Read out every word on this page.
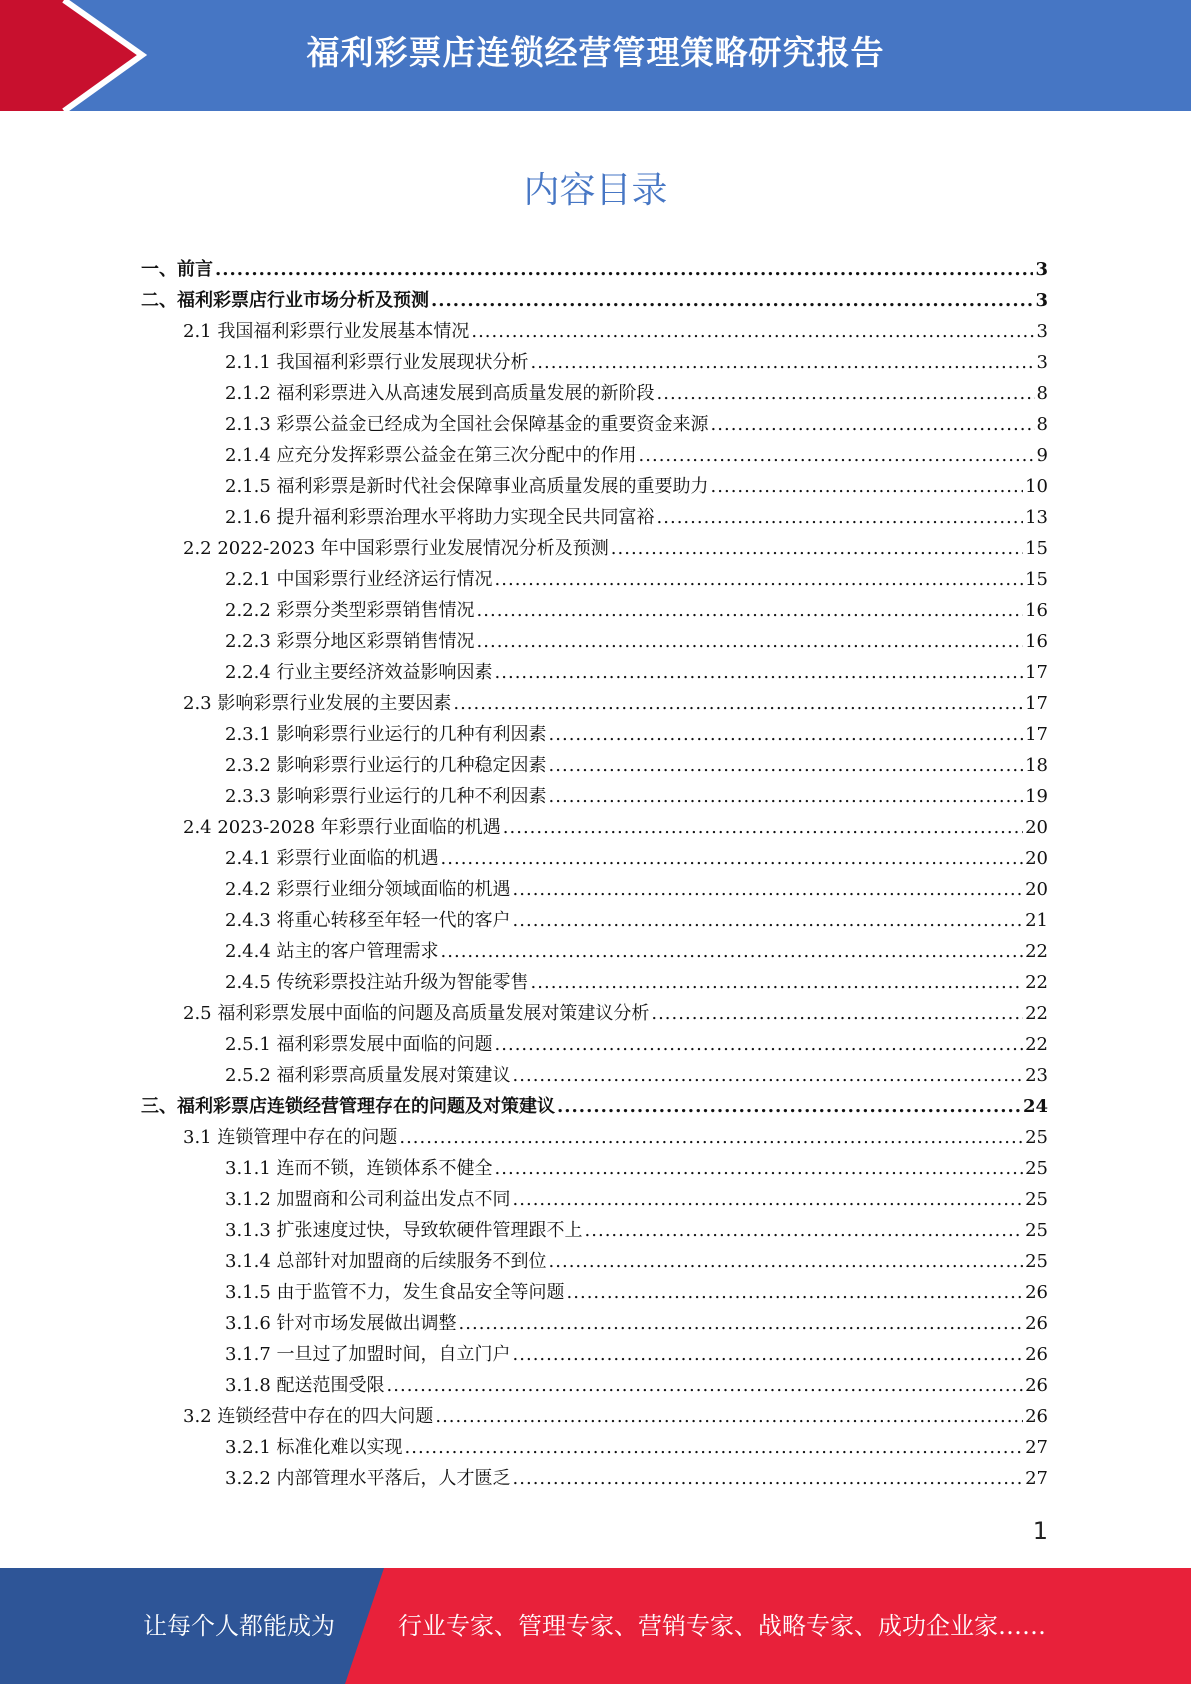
福利彩票店连锁经营管理策略研究报告
内容目录
一、前言 .....	3
二、福利彩票店行业市场分析及预测 .....	3
2.1 我国福利彩票行业发展基本情况 .....	3
2.1.1 我国福利彩票行业发展现状分析 .....	3
2.1.2 福利彩票进入从高速发展到高质量发展的新阶段 .....	8
2.1.3 彩票公益金已经成为全国社会保障基金的重要资金来源 .....	8
2.1.4 应充分发挥彩票公益金在第三次分配中的作用 .....	9
2.1.5 福利彩票是新时代社会保障事业高质量发展的重要助力 .....	10
2.1.6 提升福利彩票治理水平将助力实现全民共同富裕 .....	13
2.2 2022-2023 年中国彩票行业发展情况分析及预测 .....	15
2.2.1 中国彩票行业经济运行情况 .....	15
2.2.2 彩票分类型彩票销售情况 .....	16
2.2.3 彩票分地区彩票销售情况 .....	16
2.2.4 行业主要经济效益影响因素 .....	17
2.3 影响彩票行业发展的主要因素 .....	17
2.3.1 影响彩票行业运行的几种有利因素 .....	17
2.3.2 影响彩票行业运行的几种稳定因素 .....	18
2.3.3 影响彩票行业运行的几种不利因素 .....	19
2.4 2023-2028 年彩票行业面临的机遇 .....	20
2.4.1 彩票行业面临的机遇 .....	20
2.4.2 彩票行业细分领域面临的机遇 .....	20
2.4.3 将重心转移至年轻一代的客户 .....	21
2.4.4 站主的客户管理需求 .....	22
2.4.5 传统彩票投注站升级为智能零售 .....	22
2.5 福利彩票发展中面临的问题及高质量发展对策建议分析 .....	22
2.5.1 福利彩票发展中面临的问题 .....	22
2.5.2 福利彩票高质量发展对策建议 .....	23
三、福利彩票店连锁经营管理存在的问题及对策建议 .....	24
3.1 连锁管理中存在的问题 .....	25
3.1.1 连而不锁，连锁体系不健全 .....	25
3.1.2 加盟商和公司利益出发点不同 .....	25
3.1.3 扩张速度过快，导致软硬件管理跟不上 .....	25
3.1.4 总部针对加盟商的后续服务不到位 .....	25
3.1.5 由于监管不力，发生食品安全等问题 .....	26
3.1.6 针对市场发展做出调整 .....	26
3.1.7 一旦过了加盟时间，自立门户 .....	26
3.1.8 配送范围受限 .....	26
3.2 连锁经营中存在的四大问题 .....	26
3.2.1 标准化难以实现 .....	27
3.2.2 内部管理水平落后，人才匮乏 .....	27
1
让每个人都能成为	行业专家、管理专家、营销专家、战略专家、成功企业家……
